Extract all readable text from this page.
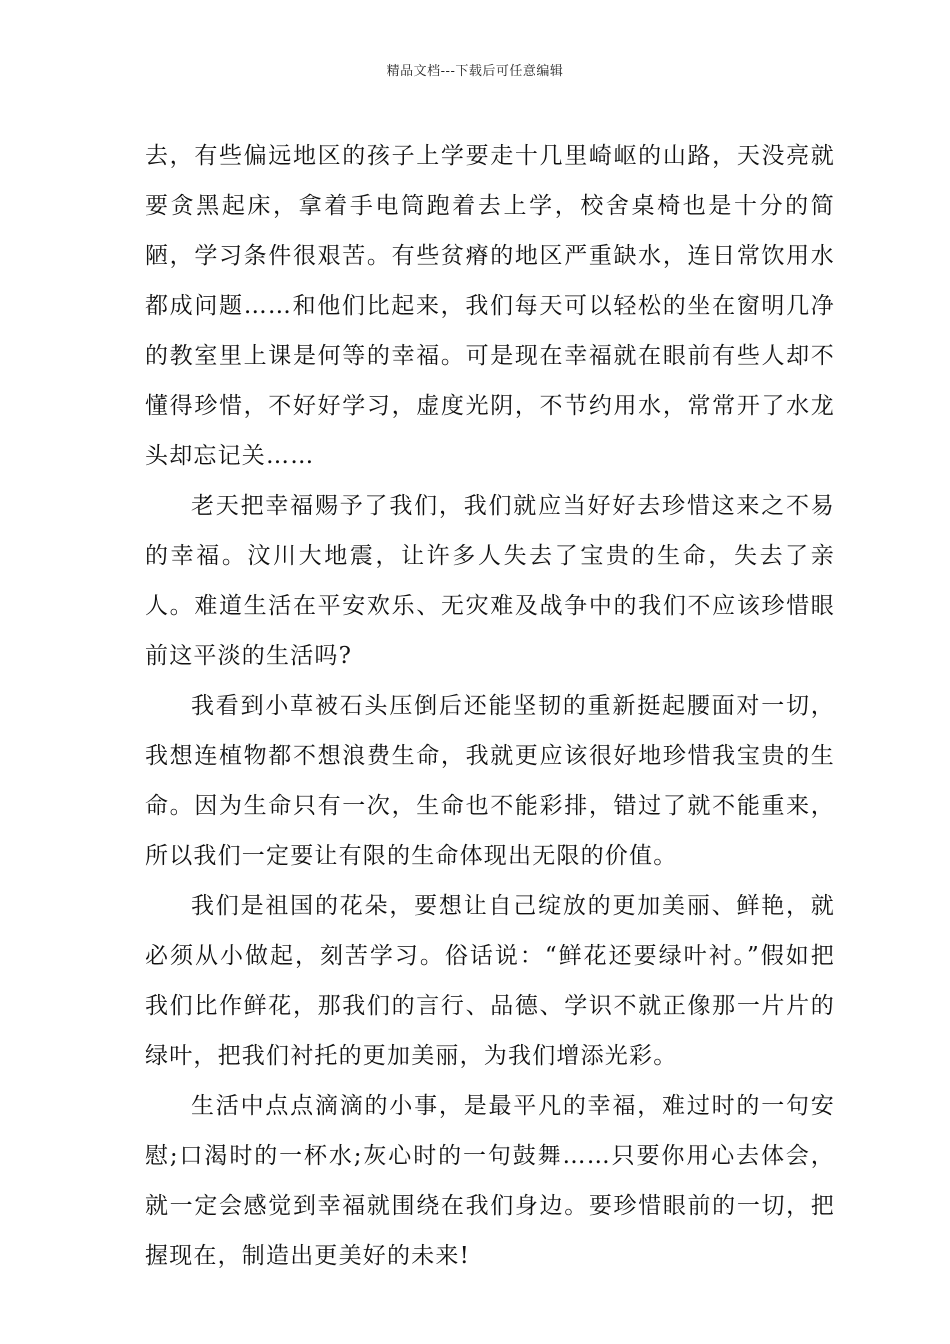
精品文档---下载后可任意编辑

去，有些偏远地区的孩子上学要走十几里崎岖的山路，天没亮就要贪黑起床，拿着手电筒跑着去上学，校舍桌椅也是十分的简陋，学习条件很艰苦。有些贫瘠的地区严重缺水，连日常饮用水都成问题……和他们比起来，我们每天可以轻松的坐在窗明几净的教室里上课是何等的幸福。可是现在幸福就在眼前有些人却不懂得珍惜，不好好学习，虚度光阴，不节约用水，常常开了水龙头却忘记关……

老天把幸福赐予了我们，我们就应当好好去珍惜这来之不易的幸福。汶川大地震，让许多人失去了宝贵的生命，失去了亲人。难道生活在平安欢乐、无灾难及战争中的我们不应该珍惜眼前这平淡的生活吗?

我看到小草被石头压倒后还能坚韧的重新挺起腰面对一切，我想连植物都不想浪费生命，我就更应该很好地珍惜我宝贵的生命。因为生命只有一次，生命也不能彩排，错过了就不能重来，所以我们一定要让有限的生命体现出无限的价值。

我们是祖国的花朵，要想让自己绽放的更加美丽、鲜艳，就必须从小做起，刻苦学习。俗话说：“鲜花还要绿叶衬。”假如把我们比作鲜花，那我们的言行、品德、学识不就正像那一片片的绿叶，把我们衬托的更加美丽，为我们增添光彩。

生活中点点滴滴的小事，是最平凡的幸福，难过时的一句安慰;口渴时的一杯水;灰心时的一句鼓舞……只要你用心去体会，就一定会感觉到幸福就围绕在我们身边。要珍惜眼前的一切，把握现在，制造出更美好的未来!
